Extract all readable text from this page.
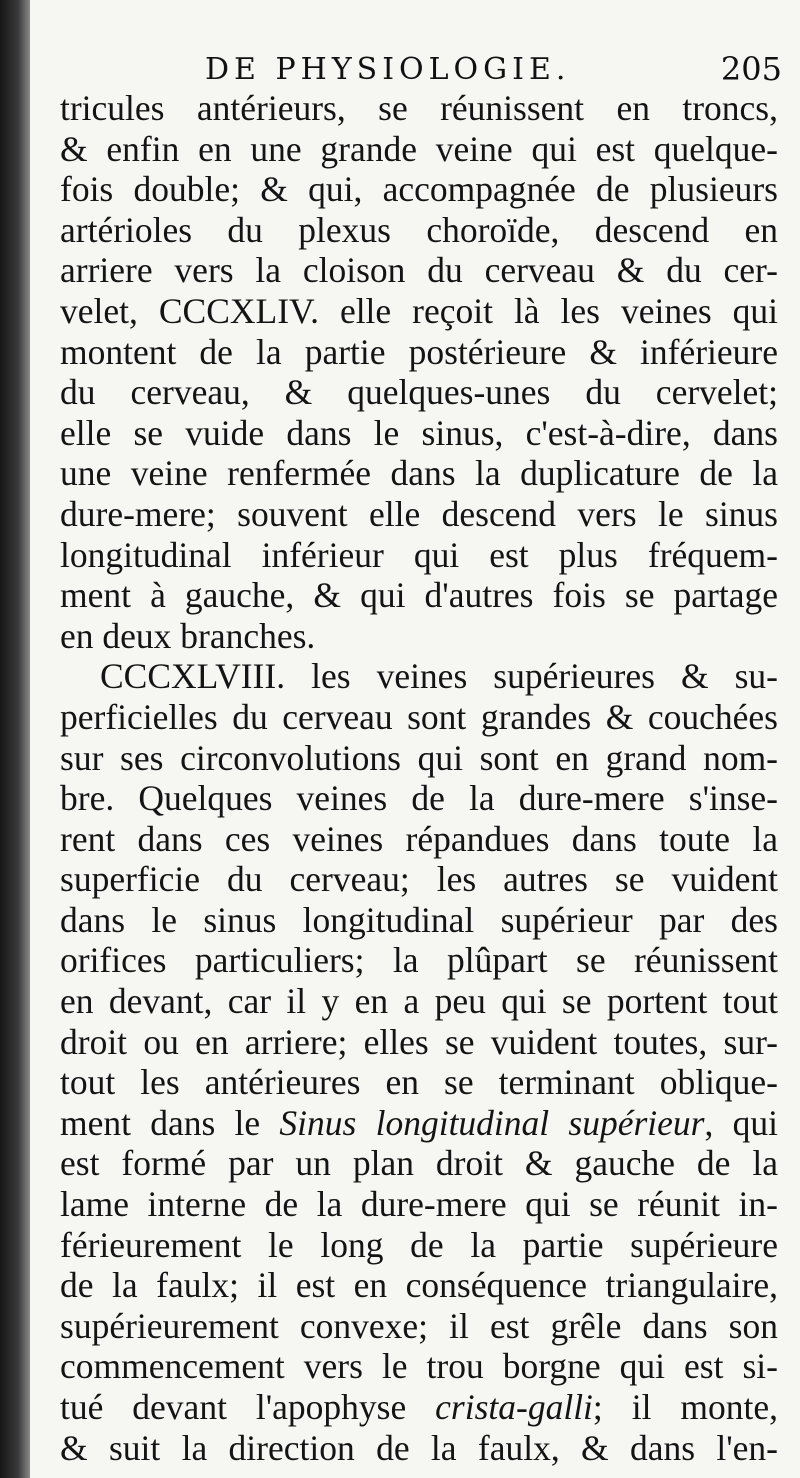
DE PHYSIOLOGIE.	205
tricules antérieurs, se réunissent en troncs,
& enfin en une grande veine qui est quelque-
fois double; & qui, accompagnée de plusieurs
artérioles du plexus choroïde, descend en
arriere vers la cloison du cerveau & du cer-
velet, CCCXLIV. elle reçoit là les veines qui
montent de la partie postérieure & inférieure
du cerveau, & quelques-unes du cervelet;
elle se vuide dans le sinus, c'est-à-dire, dans
une veine renfermée dans la duplicature de la
dure-mere; souvent elle descend vers le sinus
longitudinal inférieur qui est plus fréquem-
ment à gauche, & qui d'autres fois se partage
en deux branches.
CCCXLVIII. les veines supérieures & su-
perficielles du cerveau sont grandes & couchées
sur ses circonvolutions qui sont en grand nom-
bre. Quelques veines de la dure-mere s'inse-
rent dans ces veines répandues dans toute la
superficie du cerveau; les autres se vuident
dans le sinus longitudinal supérieur par des
orifices particuliers; la plûpart se réunissent
en devant, car il y en a peu qui se portent tout
droit ou en arriere; elles se vuident toutes, sur-
tout les antérieures en se terminant oblique-
ment dans le Sinus longitudinal supérieur, qui
est formé par un plan droit & gauche de la
lame interne de la dure-mere qui se réunit in-
férieurement le long de la partie supérieure
de la faulx; il est en conséquence triangulaire,
supérieurement convexe; il est grêle dans son
commencement vers le trou borgne qui est si-
tué devant l'apophyse crista-galli; il monte,
& suit la direction de la faulx, & dans l'en-
